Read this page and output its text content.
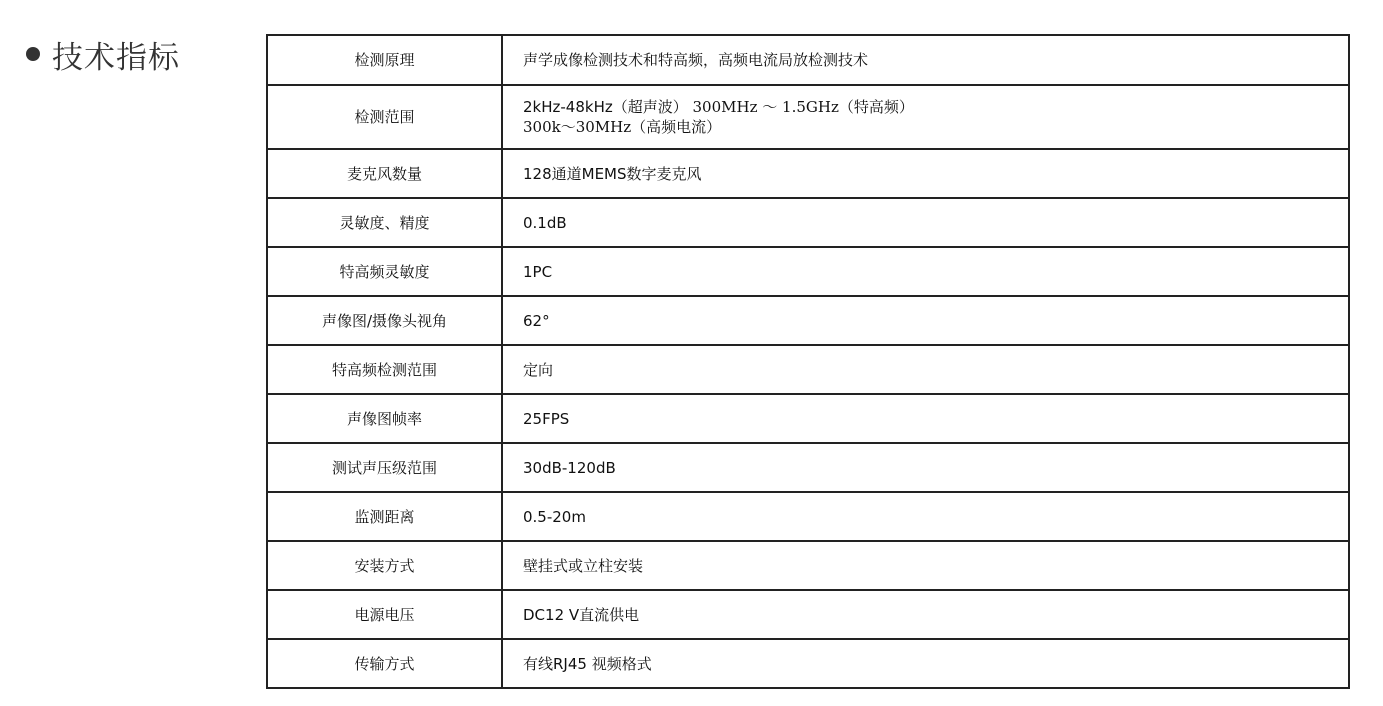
技术指标	检测原理	声学成像检测技术和特高频，高频电流局放检测技术
检测范围	2kHz-48kHz（超声波） 300MHz ～ 1.5GHz（特高频）
300k～30MHz（高频电流）

麦克风数量	128通道MEMS数字麦克风
灵敏度、精度	0.1dB
特高频灵敏度	1PC
声像图/摄像头视角	62°
特高频检测范围	定向
声像图帧率	25FPS
测试声压级范围	30dB-120dB
监测距离	0.5-20m
安装方式	壁挂式或立柱安装
电源电压	DC12 V直流供电
传输方式	有线RJ45 视频格式
